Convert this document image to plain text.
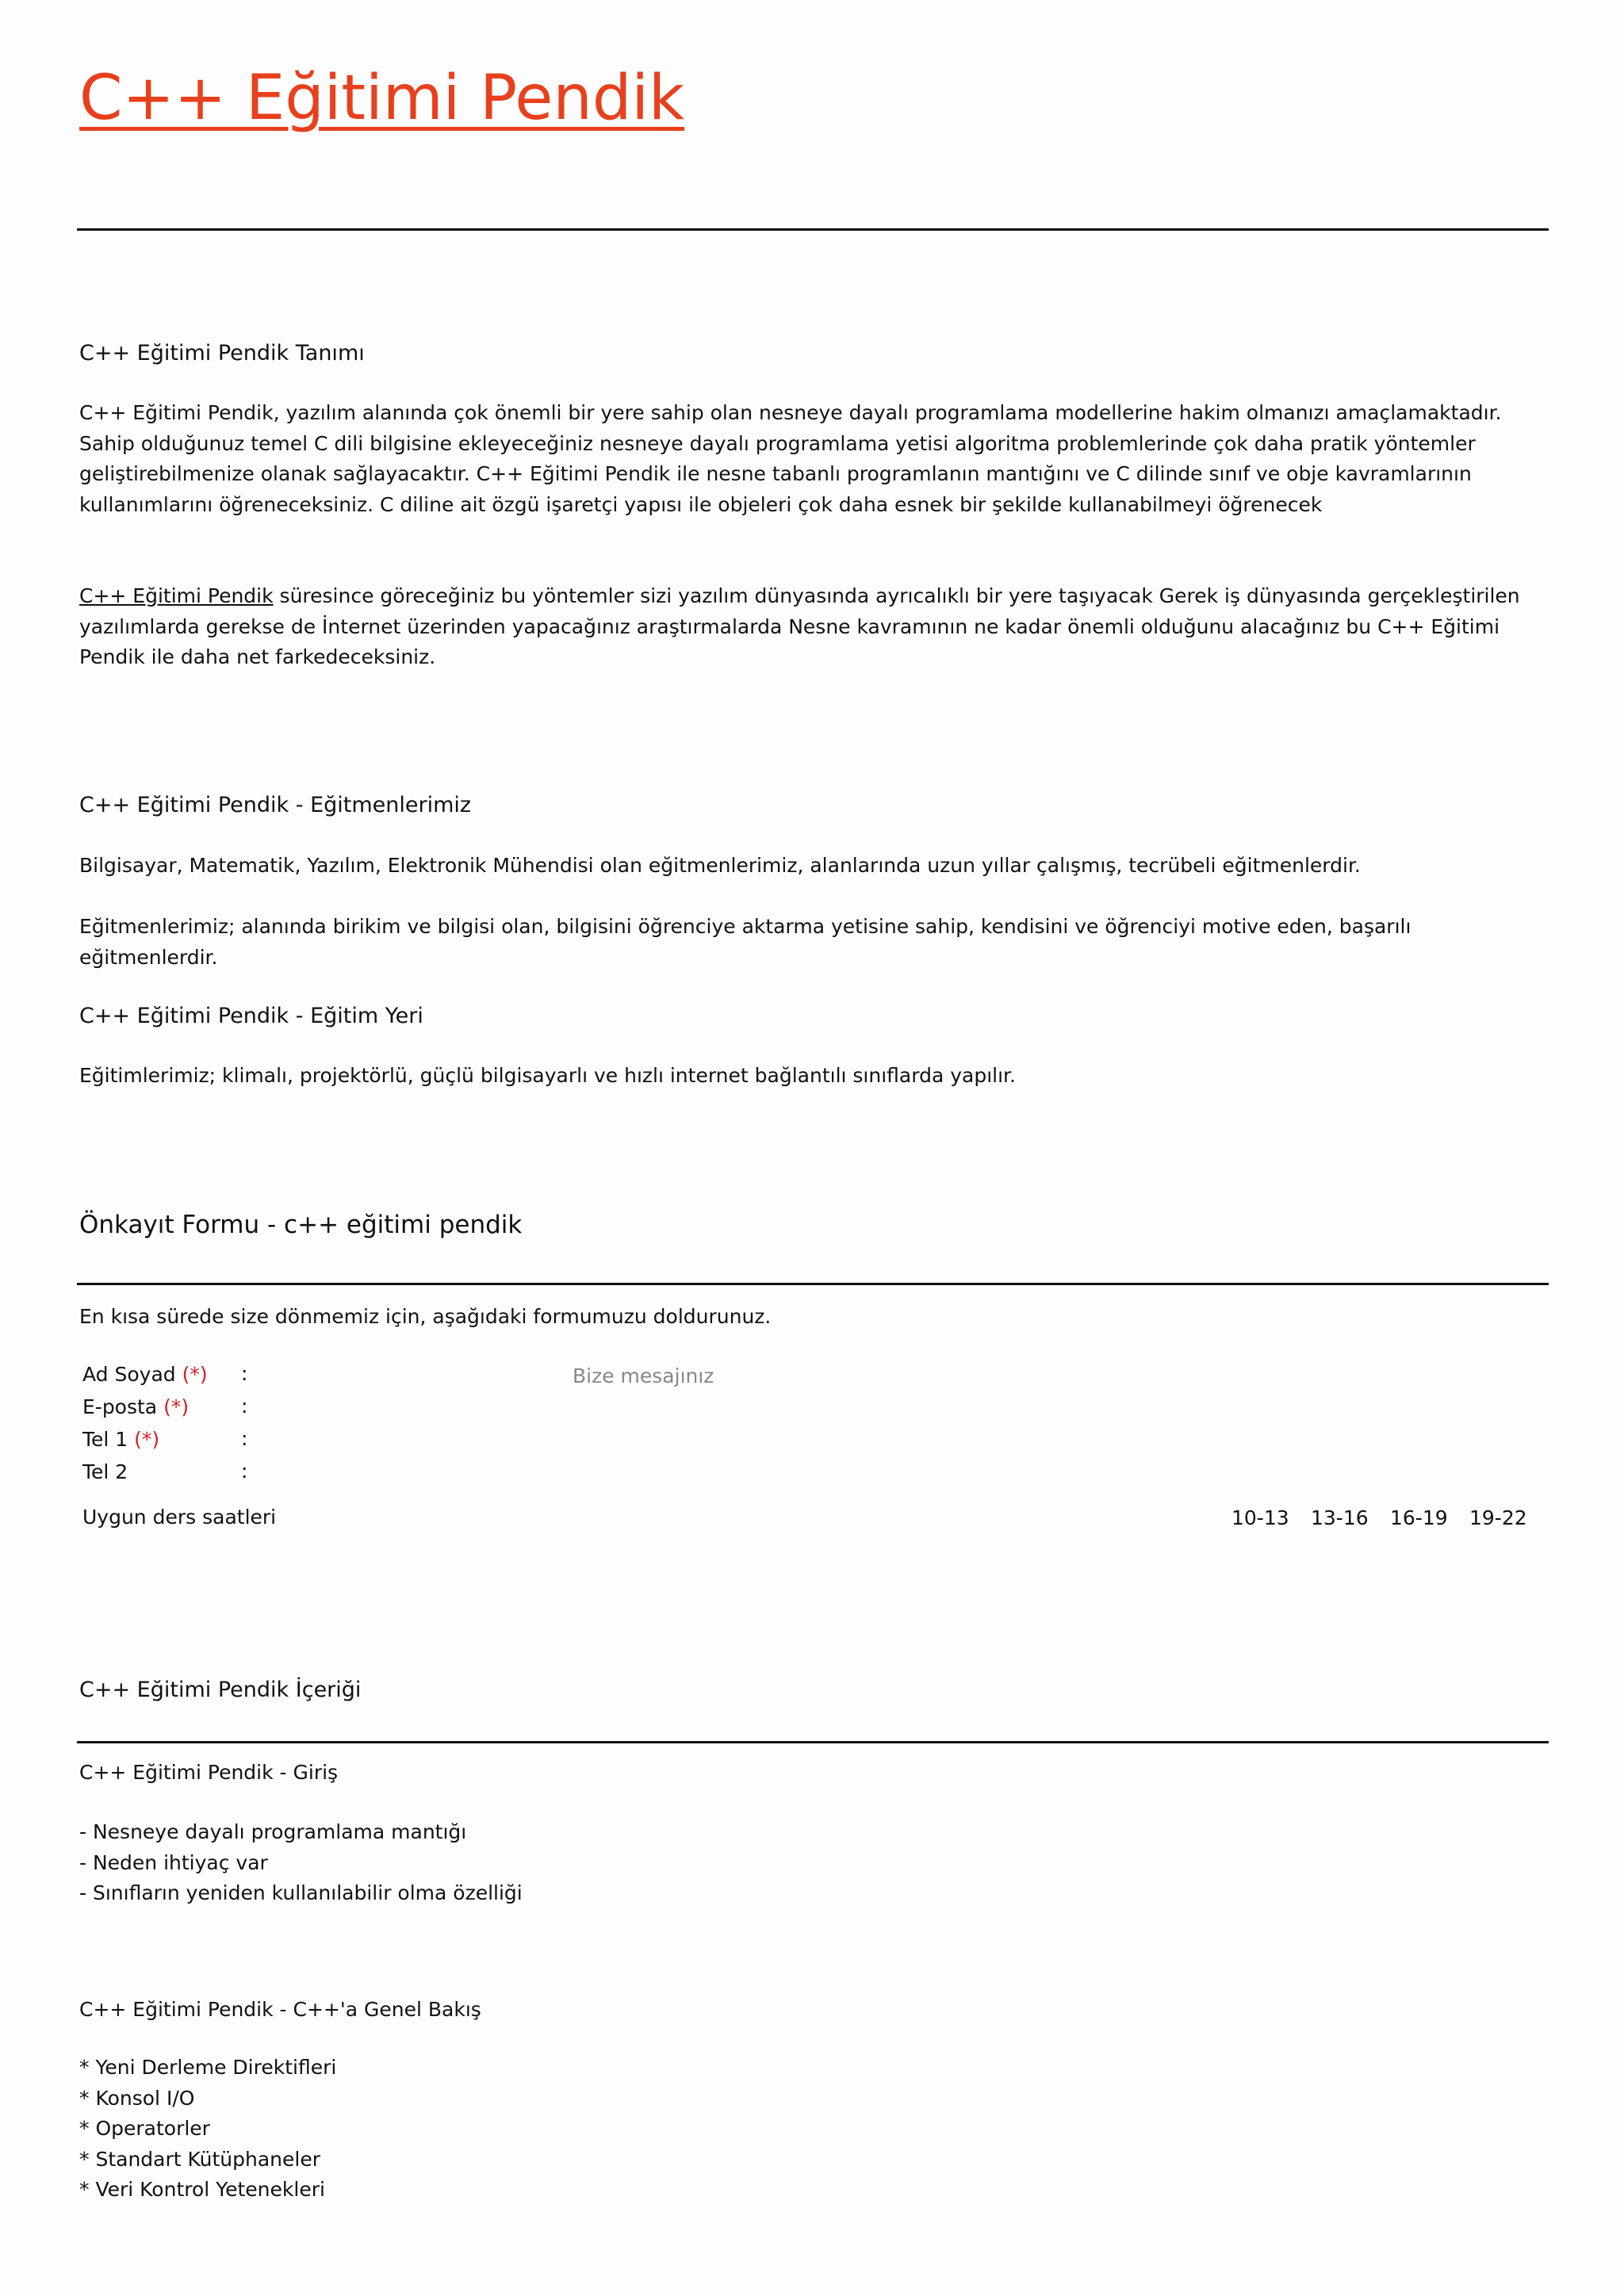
C++ Eğitimi Pendik
C++ Eğitimi Pendik Tanımı

C++ Eğitimi Pendik, yazılım alanında çok önemli bir yere sahip olan nesneye dayalı programlama modellerine hakim olmanızı amaçlamaktadır. Sahip olduğunuz temel C dili bilgisine ekleyeceğiniz nesneye dayalı programlama yetisi algoritma problemlerinde çok daha pratik yöntemler geliştirebilmenize olanak sağlayacaktır. C++ Eğitimi Pendik ile nesne tabanlı programlanın mantığını ve C dilinde sınıf ve obje kavramlarının kullanımlarını öğreneceksiniz. C diline ait özgü işaretçi yapısı ile objeleri çok daha esnek bir şekilde kullanabilmeyi öğrenecek

C++ Eğitimi Pendik süresince göreceğiniz bu yöntemler sizi yazılım dünyasında ayrıcalıklı bir yere taşıyacak Gerek iş dünyasında gerçekleştirilen yazılımlarda gerekse de İnternet üzerinden yapacağınız araştırmalarda Nesne kavramının ne kadar önemli olduğunu alacağınız bu C++ Eğitimi Pendik ile daha net farkedeceksiniz.

C++ Eğitimi Pendik - Eğitmenlerimiz

Bilgisayar, Matematik, Yazılım, Elektronik Mühendisi olan eğitmenlerimiz, alanlarında uzun yıllar çalışmış, tecrübeli eğitmenlerdir.

Eğitmenlerimiz; alanında birikim ve bilgisi olan, bilgisini öğrenciye aktarma yetisine sahip, kendisini ve öğrenciyi motive eden, başarılı eğitmenlerdir.

C++ Eğitimi Pendik - Eğitim Yeri

Eğitimlerimiz; klimalı, projektörlü, güçlü bilgisayarlı ve hızlı internet bağlantılı sınıflarda yapılır.

Önkayıt Formu - c++ eğitimi pendik

En kısa sürede size dönmemiz için, aşağıdaki formumuzu doldurunuz.

Ad Soyad (*) :
E-posta (*)	:
Tel 1 (*)	:
Tel 2	:
Bize mesajınız
Uygun ders saatleri	10-13 13-16 16-19 19-22
C++ Eğitimi Pendik İçeriği
C++ Eğitimi Pendik - Giriş
- Nesneye dayalı programlama mantığı
- Neden ihtiyaç var
- Sınıfların yeniden kullanılabilir olma özelliği
C++ Eğitimi Pendik - C++'a Genel Bakış
* Yeni Derleme Direktifleri
* Konsol I/O
* Operatorler
* Standart Kütüphaneler
* Veri Kontrol Yetenekleri
